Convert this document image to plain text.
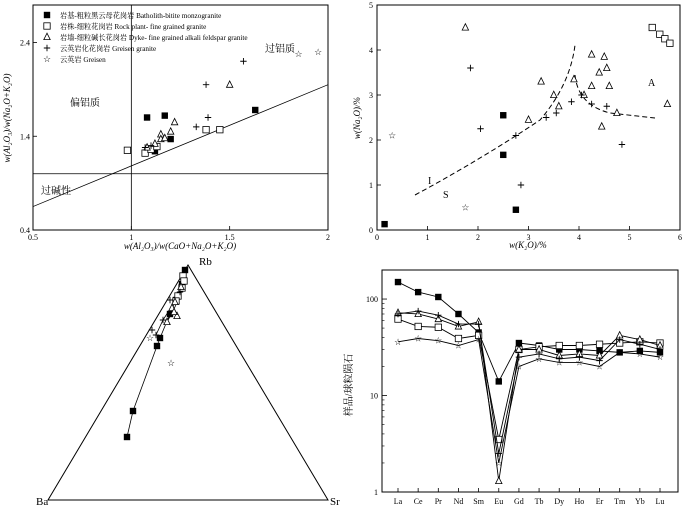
0.5	1	1.5	2
0.4
1.4
2.4
岩基-粗粒黑云母花岗岩 Batholith-bitite monzogranite
岩株-细粒花岗岩 Rock plant- fine grained granite
岩墙-细粒碱长花岗岩 Dyke- fine grained alkali feldspar granite
云英岩化花岗岩 Greisen granite
☆ 云英岩 Greisen
☆ ☆
偏铝质
过铝质
过碱性
w(Al₂O₃)/w(CaO+Na₂O+K₂O)
w(Al₂O₃)/w(Na₂O+K₂O)
0	1	2	3	4	5	6
0
1
2
3
4
5
☆
☆
I
S
A
w(K₂O)/%
w(Na₂O)/%
Rb
Ba	Sr
☆
☆
La Ce Pr Nd Sm Eu Gd Tb Dy Ho Er Tm Yb Lu
1
10
100
☆ ☆ ☆ ☆
☆
☆
☆
☆ ☆ ☆ ☆
☆ ☆ ☆
样品/球粒陨石
